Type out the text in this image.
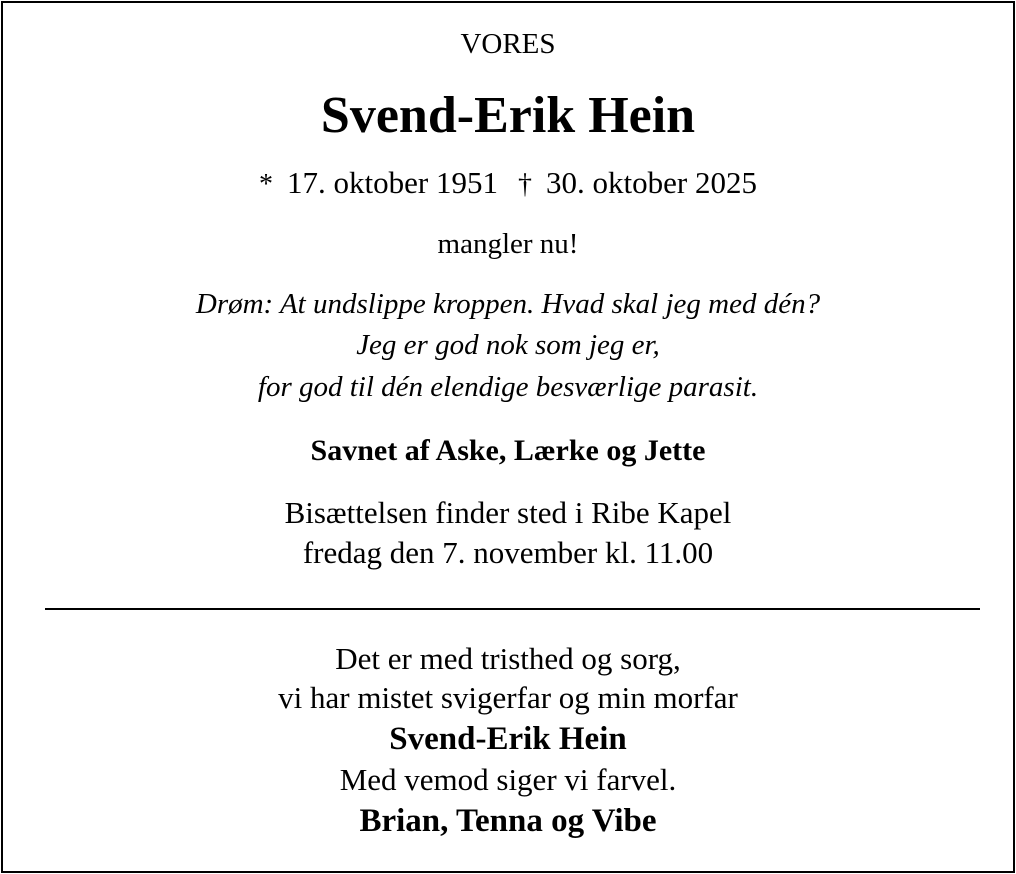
VORES
Svend-Erik Hein
* 17. oktober 1951 † 30. oktober 2025
mangler nu!
Drøm: At undslippe kroppen. Hvad skal jeg med dén?
Jeg er god nok som jeg er,
for god til dén elendige besværlige parasit.
Savnet af Aske, Lærke og Jette
Bisættelsen finder sted i Ribe Kapel
fredag den 7. november kl. 11.00
Det er med tristhed og sorg,
vi har mistet svigerfar og min morfar
Svend-Erik Hein
Med vemod siger vi farvel.
Brian, Tenna og Vibe
